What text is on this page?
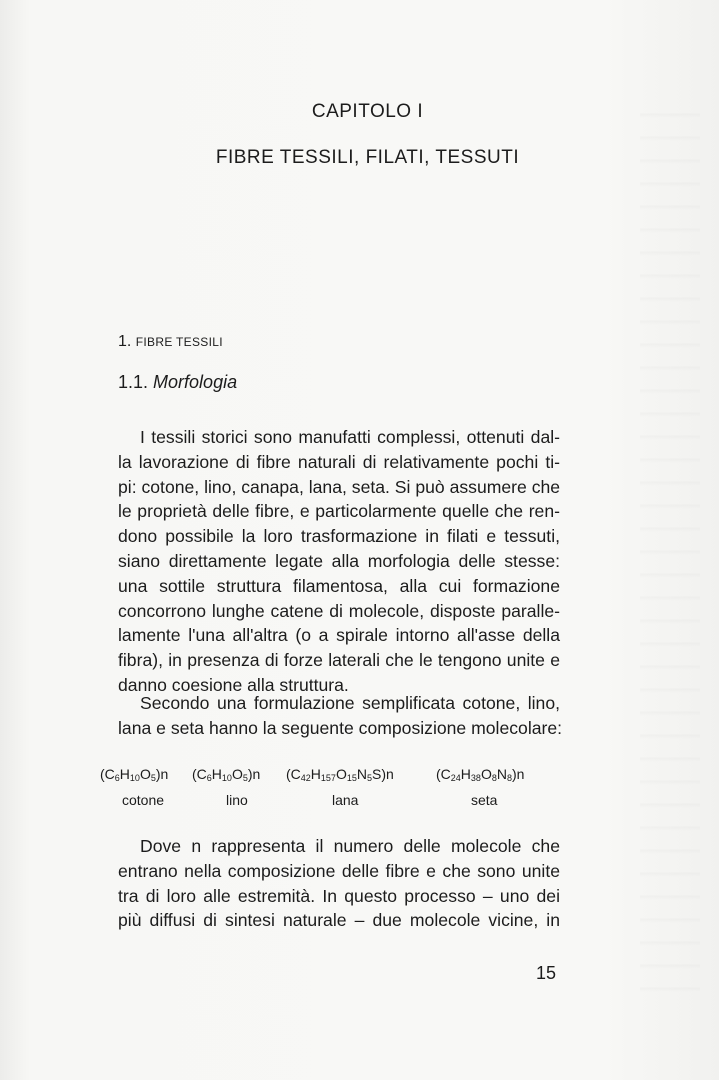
CAPITOLO I
FIBRE TESSILI, FILATI, TESSUTI
1. FIBRE TESSILI
1.1. Morfologia
I tessili storici sono manufatti complessi, ottenuti dal-
la lavorazione di fibre naturali di relativamente pochi ti-
pi: cotone, lino, canapa, lana, seta. Si può assumere che
le proprietà delle fibre, e particolarmente quelle che ren-
dono possibile la loro trasformazione in filati e tessuti,
siano direttamente legate alla morfologia delle stesse:
una sottile struttura filamentosa, alla cui formazione
concorrono lunghe catene di molecole, disposte paralle-
lamente l'una all'altra (o a spirale intorno all'asse della
fibra), in presenza di forze laterali che le tengono unite e
danno coesione alla struttura.
Secondo una formulazione semplificata cotone, lino,
lana e seta hanno la seguente composizione molecolare:
$(C_6H_{10}O_5)n$ $(C_6H_{10}O_5)n$ $(C_{42}H_{157}O_{15}N_5S)n$	$(C_{24}H_{38}O_8N_8)n$
cotone	lino	lana	seta
Dove n rappresenta il numero delle molecole che
entrano nella composizione delle fibre e che sono unite
tra di loro alle estremità. In questo processo – uno dei
più diffusi di sintesi naturale – due molecole vicine, in
15
